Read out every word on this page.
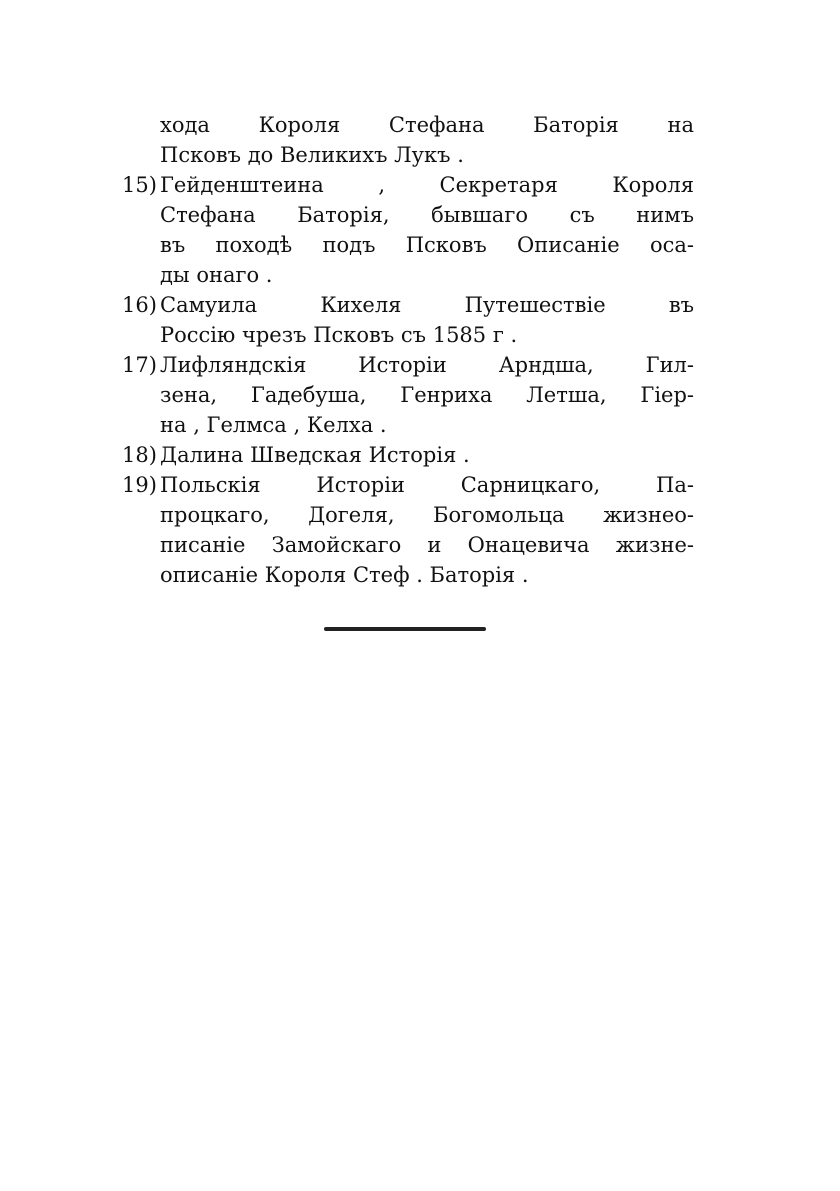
хода Короля Стефана Баторія на
Псковъ до Великихъ Лукъ .
15) Гейденштеина , Секретаря Короля
Стефана Баторія, бывшаго съ нимъ
въ походѣ подъ Псковъ Описаніе оса-
ды онаго .
16) Самуила Кихеля Путешествіе въ
Россію чрезъ Псковъ съ 1585 г .
17) Лифляндскія Исторіи Арндша, Гил-
зена, Гадебуша, Генриха Летша, Гіер-
на , Гелмса , Келха .
18) Далина Шведская Исторія .
19) Польскія Исторіи Сарницкаго, Па-
процкаго, Догеля, Богомольца жизнео-
писаніе Замойскаго и Онацевича жизне-
описаніе Короля Стеф . Баторія .
